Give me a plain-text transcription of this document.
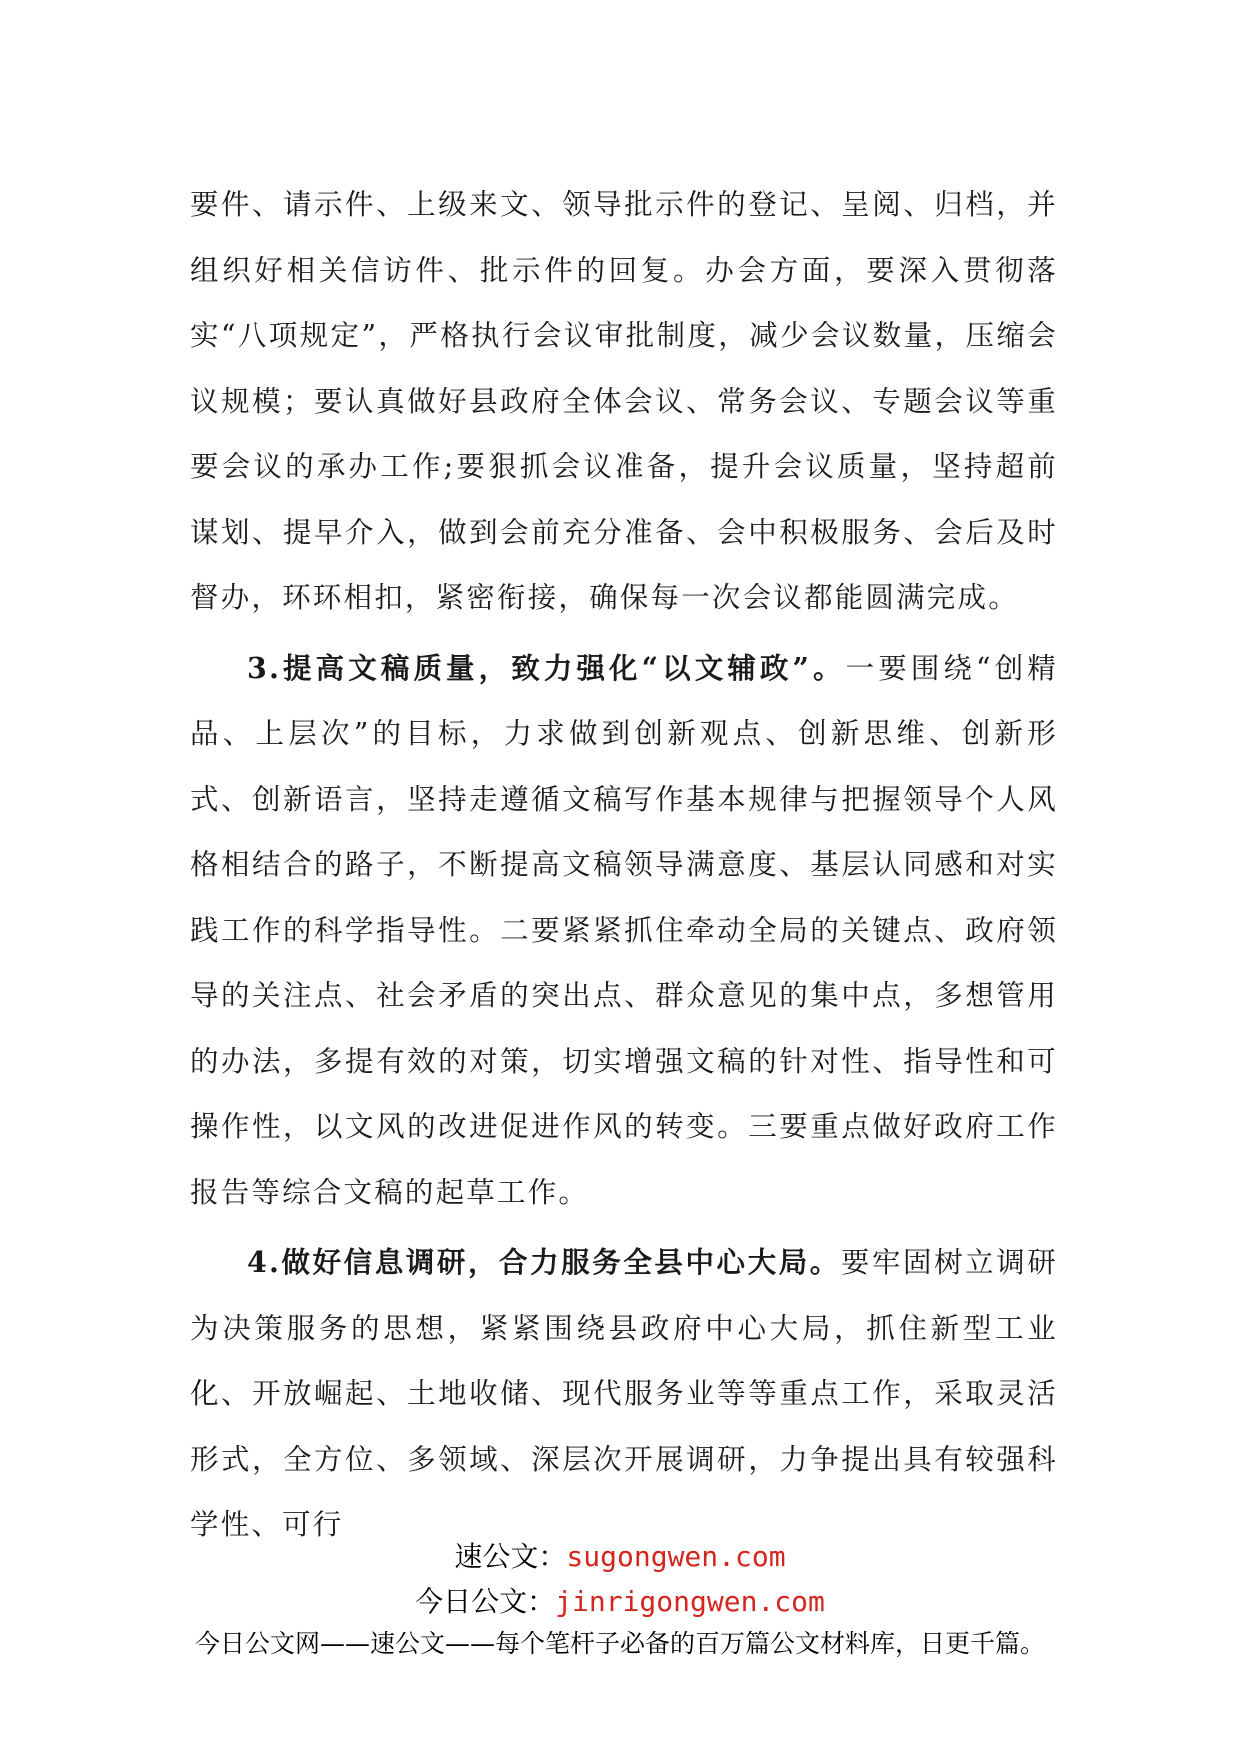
要件、请示件、上级来文、领导批示件的登记、呈阅、归档，并组织好相关信访件、批示件的回复。办会方面，要深入贯彻落实“八项规定”，严格执行会议审批制度，减少会议数量，压缩会议规模；要认真做好县政府全体会议、常务会议、专题会议等重要会议的承办工作;要狠抓会议准备，提升会议质量，坚持超前谋划、提早介入，做到会前充分准备、会中积极服务、会后及时督办，环环相扣，紧密衔接，确保每一次会议都能圆满完成。

3.提高文稿质量，致力强化“以文辅政”。一要围绕“创精品、上层次”的目标，力求做到创新观点、创新思维、创新形式、创新语言，坚持走遵循文稿写作基本规律与把握领导个人风格相结合的路子，不断提高文稿领导满意度、基层认同感和对实践工作的科学指导性。二要紧紧抓住牵动全局的关键点、政府领导的关注点、社会矛盾的突出点、群众意见的集中点，多想管用的办法，多提有效的对策，切实增强文稿的针对性、指导性和可操作性，以文风的改进促进作风的转变。三要重点做好政府工作报告等综合文稿的起草工作。

4.做好信息调研，合力服务全县中心大局。要牢固树立调研为决策服务的思想，紧紧围绕县政府中心大局，抓住新型工业化、开放崛起、土地收储、现代服务业等等重点工作，采取灵活形式，全方位、多领域、深层次开展调研，力争提出具有较强科学性、可行

速公文：sugongwen.com
今日公文：jinrigongwen.com
今日公文网——速公文——每个笔杆子必备的百万篇公文材料库，日更千篇。
